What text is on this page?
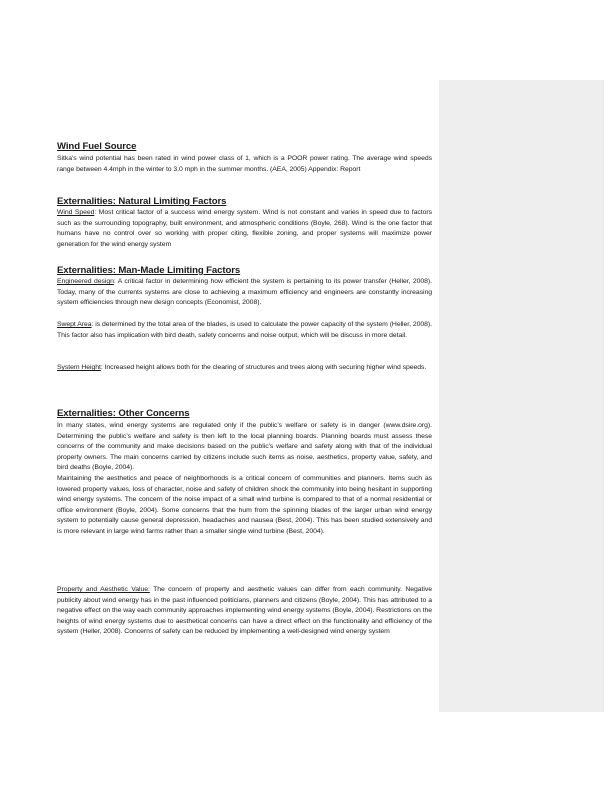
Wind Fuel Source

Sitka’s wind potential has been rated in wind power class of 1, which is a POOR power rating. The average wind speeds range between 4.4mph in the winter to 3.0 mph in the summer months. (AEA, 2005) Appendix: Report

Externalities: Natural Limiting Factors

Wind Speed: Most critical factor of a success wind energy system. Wind is not constant and varies in speed due to factors such as the surrounding topography, built environment, and atmospheric conditions (Boyle, 268). Wind is the one factor that humans have no control over so working with proper citing, flexible zoning, and proper systems will maximize power generation for the wind energy system

Externalities: Man-Made Limiting Factors

Engineered design: A critical factor in determining how efficient the system is pertaining to its power transfer (Heller, 2008). Today, many of the currents systems are close to achieving a maximum efficiency and engineers are constantly increasing system efficiencies through new design concepts (Economist, 2008).

Swept Area: is determined by the total area of the blades, is used to calculate the power capacity of the system (Heller, 2008). This factor also has implication with bird death, safety concerns and noise output, which will be discuss in more detail.

System Height: Increased height allows both for the clearing of structures and trees along with securing higher wind speeds.

Externalities: Other Concerns

In many states, wind energy systems are regulated only if the public’s welfare or safety is in danger (www.dsire.org). Determining the public’s welfare and safety is then left to the local planning boards. Planning boards must assess these concerns of the community and make decisions based on the public’s welfare and safety along with that of the individual property owners. The main concerns carried by citizens include such items as noise, aesthetics, property value, safety, and bird deaths (Boyle, 2004).

Maintaining the aesthetics and peace of neighborhoods is a critical concern of communities and planners. Items such as lowered property values, loss of character, noise and safety of children shock the community into being hesitant in supporting wind energy systems. The concern of the noise impact of a small wind turbine is compared to that of a normal residential or office environment (Boyle, 2004). Some concerns that the hum from the spinning blades of the larger urban wind energy system to potentially cause general depression, headaches and nausea (Best, 2004). This has been studied extensively and is more relevant in large wind farms rather than a smaller single wind turbine (Best, 2004).

Property and Aesthetic Value: The concern of property and aesthetic values can differ from each community. Negative publicity about wind energy has in the past influenced politicians, planners and citizens (Boyle, 2004). This has attributed to a negative effect on the way each community approaches implementing wind energy systems (Boyle, 2004). Restrictions on the heights of wind energy systems due to aesthetical concerns can have a direct effect on the functionality and efficiency of the system (Heller, 2008). Concerns of safety can be reduced by implementing a well-designed wind energy system
